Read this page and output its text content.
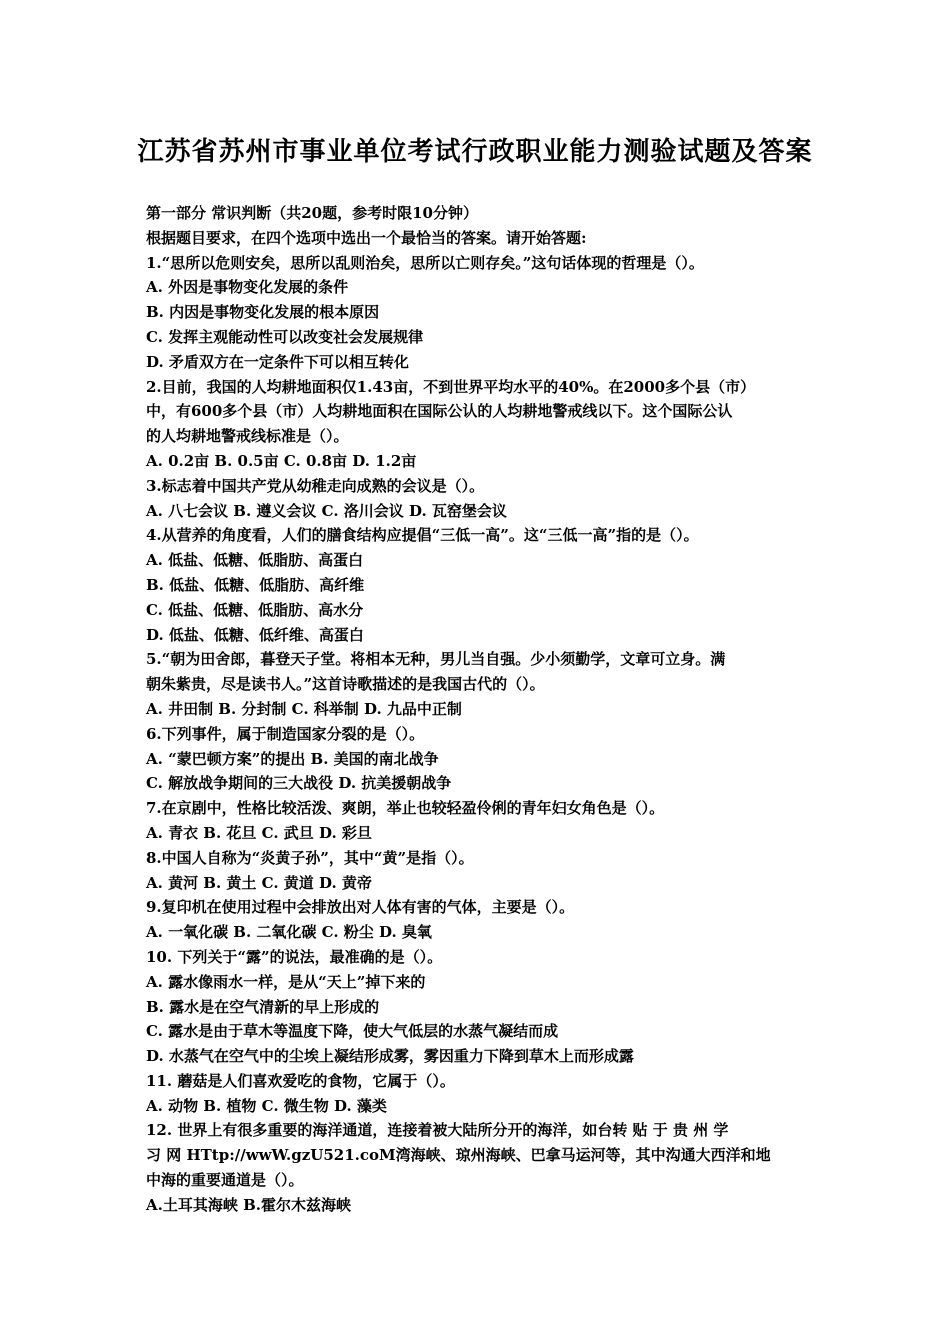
江苏省苏州市事业单位考试行政职业能力测验试题及答案
第一部分 常识判断（共20题，参考时限10分钟）
根据题目要求，在四个选项中选出一个最恰当的答案。请开始答题:
1.“思所以危则安矣，思所以乱则治矣，思所以亡则存矣。”这句话体现的哲理是（）。
A. 外因是事物变化发展的条件
B. 内因是事物变化发展的根本原因
C. 发挥主观能动性可以改变社会发展规律
D. 矛盾双方在一定条件下可以相互转化
2.目前，我国的人均耕地面积仅1.43亩，不到世界平均水平的40%。在2000多个县（市）
中，有600多个县（市）人均耕地面积在国际公认的人均耕地警戒线以下。这个国际公认
的人均耕地警戒线标准是（）。
A. 0.2亩 B. 0.5亩 C. 0.8亩 D. 1.2亩
3.标志着中国共产党从幼稚走向成熟的会议是（）。
A. 八七会议 B. 遵义会议 C. 洛川会议 D. 瓦窑堡会议
4.从营养的角度看，人们的膳食结构应提倡“三低一高”。这“三低一高”指的是（）。
A. 低盐、低糖、低脂肪、高蛋白
B. 低盐、低糖、低脂肪、高纤维
C. 低盐、低糖、低脂肪、高水分
D. 低盐、低糖、低纤维、高蛋白
5.“朝为田舍郎，暮登天子堂。将相本无种，男儿当自强。少小须勤学，文章可立身。满
朝朱紫贵，尽是读书人。”这首诗歌描述的是我国古代的（）。
A. 井田制 B. 分封制 C. 科举制 D. 九品中正制
6.下列事件，属于制造国家分裂的是（）。
A. “蒙巴顿方案”的提出 B. 美国的南北战争
C. 解放战争期间的三大战役 D. 抗美援朝战争
7.在京剧中，性格比较活泼、爽朗，举止也较轻盈伶俐的青年妇女角色是（）。
A. 青衣 B. 花旦 C. 武旦 D. 彩旦
8.中国人自称为“炎黄子孙”，其中“黄”是指（）。
A. 黄河 B. 黄土 C. 黄道 D. 黄帝
9.复印机在使用过程中会排放出对人体有害的气体，主要是（）。
A. 一氧化碳 B. 二氧化碳 C. 粉尘 D. 臭氧
10. 下列关于“露”的说法，最准确的是（）。
A. 露水像雨水一样，是从“天上”掉下来的
B. 露水是在空气清新的早上形成的
C. 露水是由于草木等温度下降，使大气低层的水蒸气凝结而成
D. 水蒸气在空气中的尘埃上凝结形成雾，雾因重力下降到草木上而形成露
11. 蘑菇是人们喜欢爱吃的食物，它属于（）。
A. 动物 B. 植物 C. 微生物 D. 藻类
12. 世界上有很多重要的海洋通道，连接着被大陆所分开的海洋，如台转 贴 于 贵 州 学
习 网 HTtp://wwW.gzU521.coM湾海峡、琼州海峡、巴拿马运河等，其中沟通大西洋和地
中海的重要通道是（）。
A.土耳其海峡 B.霍尔木兹海峡
